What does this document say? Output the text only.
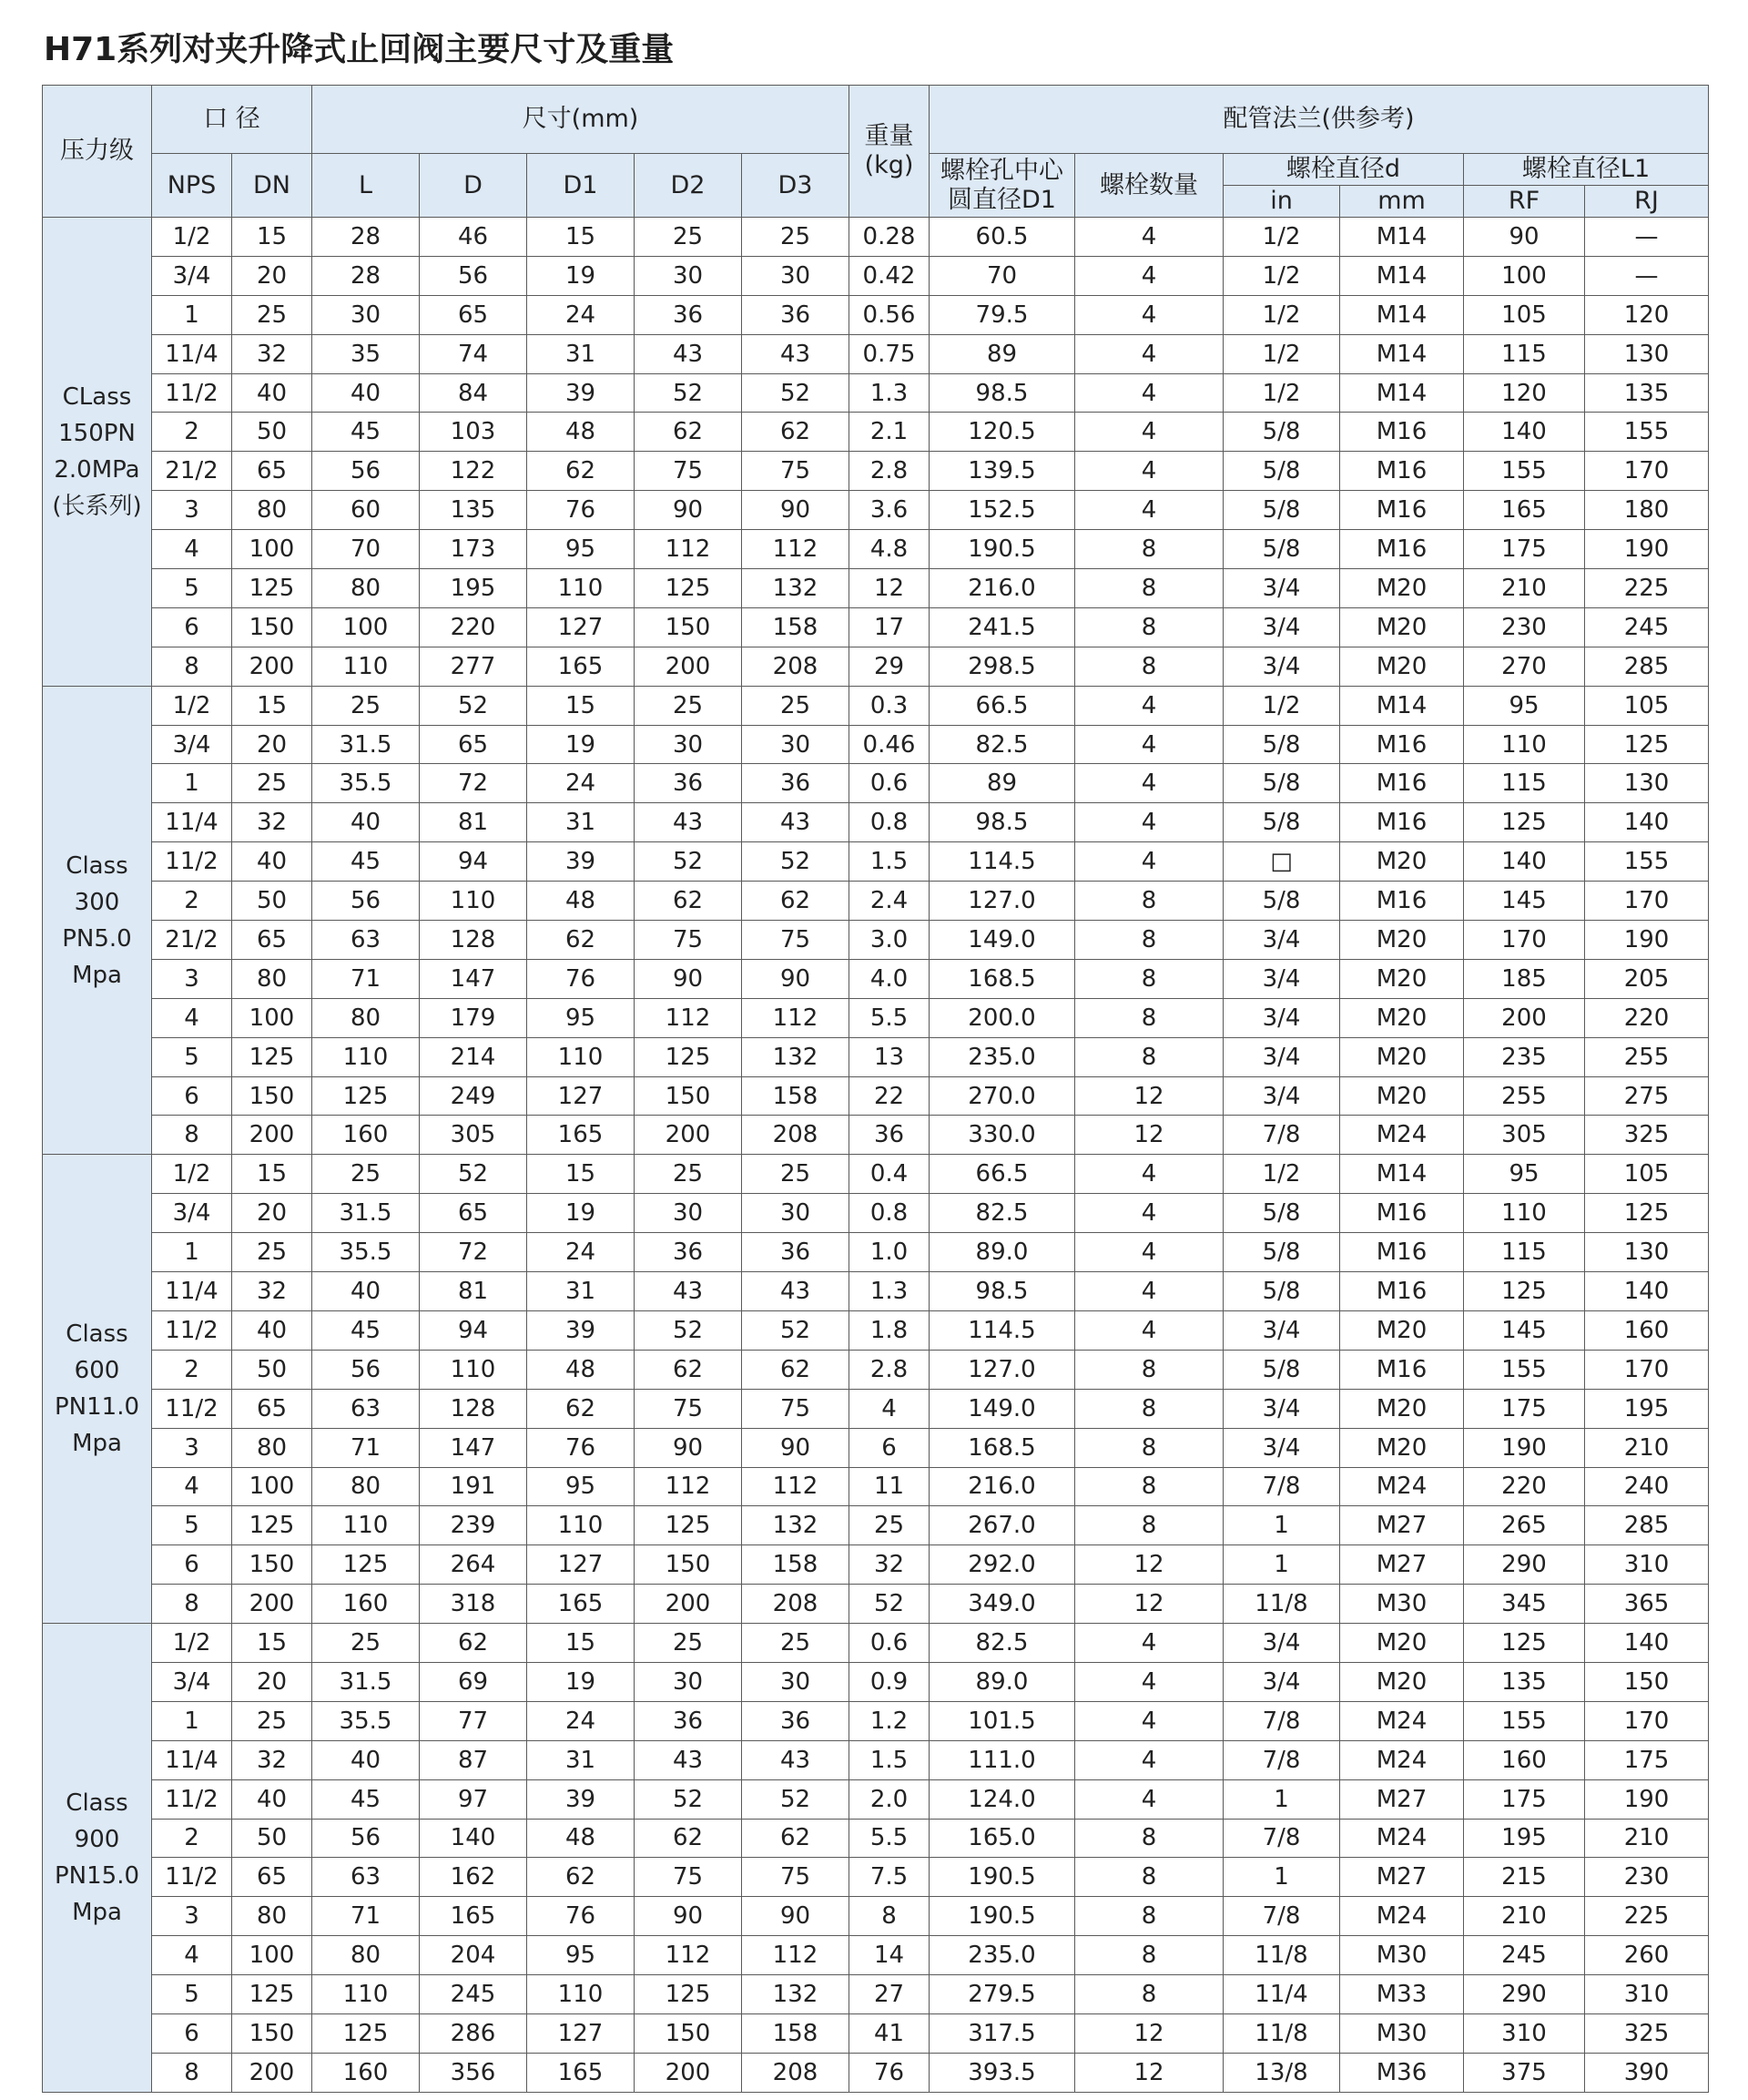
H71系列对夹升降式止回阀主要尺寸及重量
压力级	口 径		尺寸(mm)					重量(kg)	配管法兰(供参考)					
	NPS	DN	L	D	D1	D2	D3		螺栓孔中心圆直径D1	螺栓数量	螺栓直径d		螺栓直径L1	
											in	mm	RF	RJ
CLass 150PN 2.0MPa (长系列)	1/2	15	28	46	15	25	25	0.28	60.5	4	1/2	M14	90	—
	3/4	20	28	56	19	30	30	0.42	70	4	1/2	M14	100	—
	1	25	30	65	24	36	36	0.56	79.5	4	1/2	M14	105	120
	11/4	32	35	74	31	43	43	0.75	89	4	1/2	M14	115	130
	11/2	40	40	84	39	52	52	1.3	98.5	4	1/2	M14	120	135
	2	50	45	103	48	62	62	2.1	120.5	4	5/8	M16	140	155
	21/2	65	56	122	62	75	75	2.8	139.5	4	5/8	M16	155	170
	3	80	60	135	76	90	90	3.6	152.5	4	5/8	M16	165	180
	4	100	70	173	95	112	112	4.8	190.5	8	5/8	M16	175	190
	5	125	80	195	110	125	132	12	216.0	8	3/4	M20	210	225
	6	150	100	220	127	150	158	17	241.5	8	3/4	M20	230	245
	8	200	110	277	165	200	208	29	298.5	8	3/4	M20	270	285
Class 300 PN5.0 Mpa	1/2	15	25	52	15	25	25	0.3	66.5	4	1/2	M14	95	105
	3/4	20	31.5	65	19	30	30	0.46	82.5	4	5/8	M16	110	125
	1	25	35.5	72	24	36	36	0.6	89	4	5/8	M16	115	130
	11/4	32	40	81	31	43	43	0.8	98.5	4	5/8	M16	125	140
	11/2	40	45	94	39	52	52	1.5	114.5	4	□	M20	140	155
	2	50	56	110	48	62	62	2.4	127.0	8	5/8	M16	145	170
	21/2	65	63	128	62	75	75	3.0	149.0	8	3/4	M20	170	190
	3	80	71	147	76	90	90	4.0	168.5	8	3/4	M20	185	205
	4	100	80	179	95	112	112	5.5	200.0	8	3/4	M20	200	220
	5	125	110	214	110	125	132	13	235.0	8	3/4	M20	235	255
	6	150	125	249	127	150	158	22	270.0	12	3/4	M20	255	275
	8	200	160	305	165	200	208	36	330.0	12	7/8	M24	305	325
Class 600 PN11.0 Mpa	1/2	15	25	52	15	25	25	0.4	66.5	4	1/2	M14	95	105
	3/4	20	31.5	65	19	30	30	0.8	82.5	4	5/8	M16	110	125
	1	25	35.5	72	24	36	36	1.0	89.0	4	5/8	M16	115	130
	11/4	32	40	81	31	43	43	1.3	98.5	4	5/8	M16	125	140
	11/2	40	45	94	39	52	52	1.8	114.5	4	3/4	M20	145	160
	2	50	56	110	48	62	62	2.8	127.0	8	5/8	M16	155	170
	11/2	65	63	128	62	75	75	4	149.0	8	3/4	M20	175	195
	3	80	71	147	76	90	90	6	168.5	8	3/4	M20	190	210
	4	100	80	191	95	112	112	11	216.0	8	7/8	M24	220	240
	5	125	110	239	110	125	132	25	267.0	8	1	M27	265	285
	6	150	125	264	127	150	158	32	292.0	12	1	M27	290	310
	8	200	160	318	165	200	208	52	349.0	12	11/8	M30	345	365
Class 900 PN15.0 Mpa	1/2	15	25	62	15	25	25	0.6	82.5	4	3/4	M20	125	140
	3/4	20	31.5	69	19	30	30	0.9	89.0	4	3/4	M20	135	150
	1	25	35.5	77	24	36	36	1.2	101.5	4	7/8	M24	155	170
	11/4	32	40	87	31	43	43	1.5	111.0	4	7/8	M24	160	175
	11/2	40	45	97	39	52	52	2.0	124.0	4	1	M27	175	190
	2	50	56	140	48	62	62	5.5	165.0	8	7/8	M24	195	210
	11/2	65	63	162	62	75	75	7.5	190.5	8	1	M27	215	230
	3	80	71	165	76	90	90	8	190.5	8	7/8	M24	210	225
	4	100	80	204	95	112	112	14	235.0	8	11/8	M30	245	260
	5	125	110	245	110	125	132	27	279.5	8	11/4	M33	290	310
	6	150	125	286	127	150	158	41	317.5	12	11/8	M30	310	325
	8	200	160	356	165	200	208	76	393.5	12	13/8	M36	375	390
